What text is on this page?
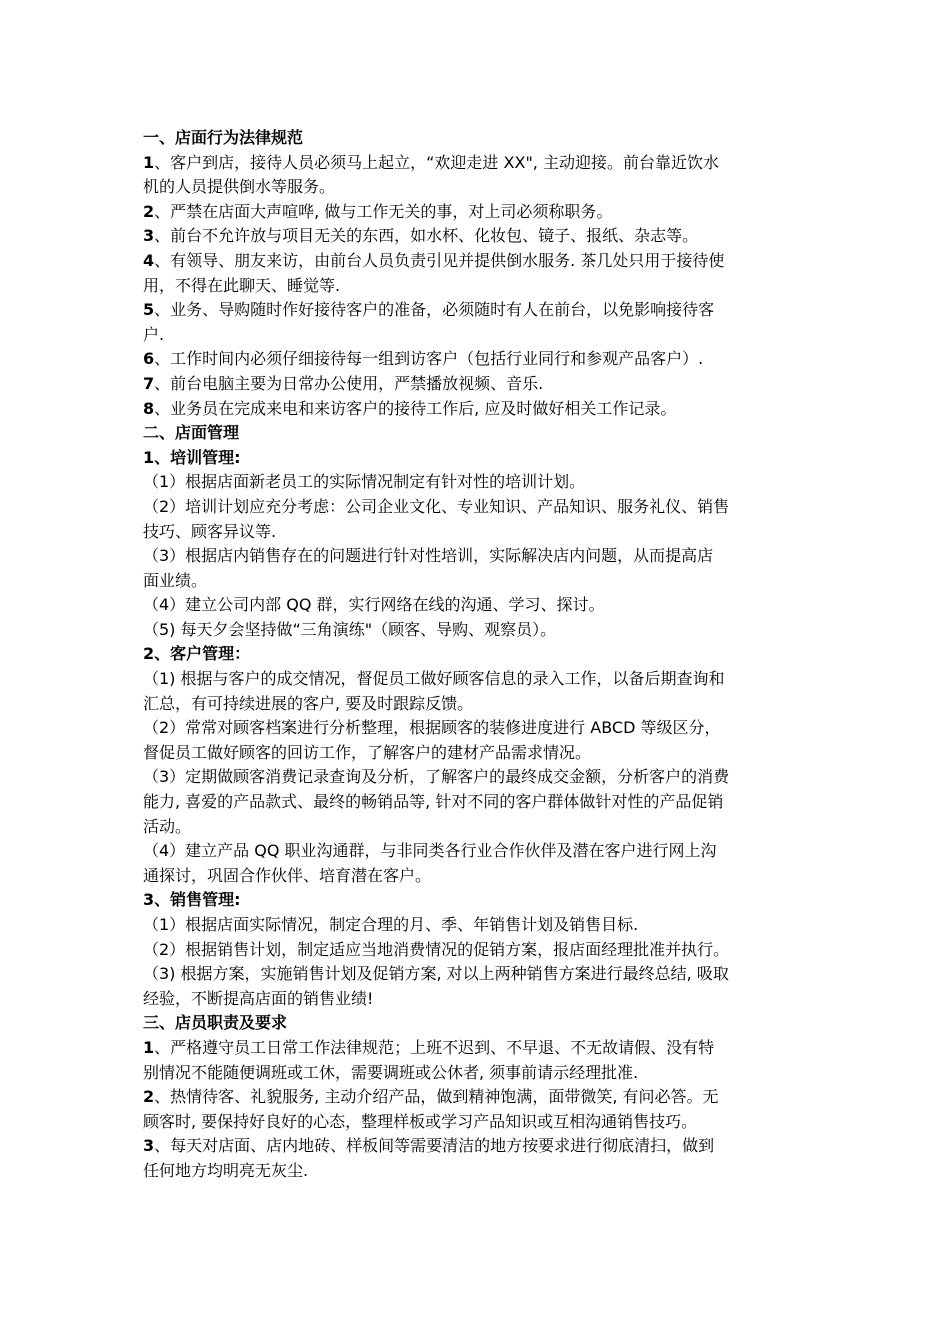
一、店面行为法律规范

1、客户到店，接待人员必须马上起立，“欢迎走进 XX", 主动迎接。前台靠近饮水

机的人员提供倒水等服务。

2、严禁在店面大声喧哗, 做与工作无关的事，对上司必须称职务。

3、前台不允许放与项目无关的东西，如水杯、化妆包、镜子、报纸、杂志等。

4、有领导、朋友来访，由前台人员负责引见并提供倒水服务. 茶几处只用于接待使

用，不得在此聊天、睡觉等.

5、业务、导购随时作好接待客户的准备，必须随时有人在前台，以免影响接待客

户.

6、工作时间内必须仔细接待每一组到访客户（包括行业同行和参观产品客户）.

7、前台电脑主要为日常办公使用，严禁播放视频、音乐.

8、业务员在完成来电和来访客户的接待工作后, 应及时做好相关工作记录。

二、店面管理

1、培训管理:

（1）根据店面新老员工的实际情况制定有针对性的培训计划。

（2）培训计划应充分考虑：公司企业文化、专业知识、产品知识、服务礼仪、销售

技巧、顾客异议等.

（3）根据店内销售存在的问题进行针对性培训，实际解决店内问题，从而提高店

面业绩。

（4）建立公司内部 QQ 群，实行网络在线的沟通、学习、探讨。

（5) 每天夕会坚持做“三角演练"（顾客、导购、观察员）。

2、客户管理：

（1) 根据与客户的成交情况，督促员工做好顾客信息的录入工作，以备后期查询和

汇总，有可持续进展的客户, 要及时跟踪反馈。

（2）常常对顾客档案进行分析整理，根据顾客的装修进度进行 ABCD 等级区分，

督促员工做好顾客的回访工作，了解客户的建材产品需求情况。

（3）定期做顾客消费记录查询及分析，了解客户的最终成交金额，分析客户的消费

能力, 喜爱的产品款式、最终的畅销品等, 针对不同的客户群体做针对性的产品促销

活动。

（4）建立产品 QQ 职业沟通群，与非同类各行业合作伙伴及潜在客户进行网上沟

通探讨，巩固合作伙伴、培育潜在客户。

3、销售管理:

（1）根据店面实际情况，制定合理的月、季、年销售计划及销售目标.

（2）根据销售计划，制定适应当地消费情况的促销方案，报店面经理批准并执行。

（3) 根据方案，实施销售计划及促销方案, 对以上两种销售方案进行最终总结, 吸取

经验，不断提高店面的销售业绩!

三、店员职责及要求

1、严格遵守员工日常工作法律规范；上班不迟到、不早退、不无故请假、没有特

别情况不能随便调班或工休，需要调班或公休者, 须事前请示经理批准.

2、热情待客、礼貌服务, 主动介绍产品，做到精神饱满，面带微笑, 有问必答。无

顾客时, 要保持好良好的心态，整理样板或学习产品知识或互相沟通销售技巧。

3、每天对店面、店内地砖、样板间等需要清洁的地方按要求进行彻底清扫，做到

任何地方均明亮无灰尘.
